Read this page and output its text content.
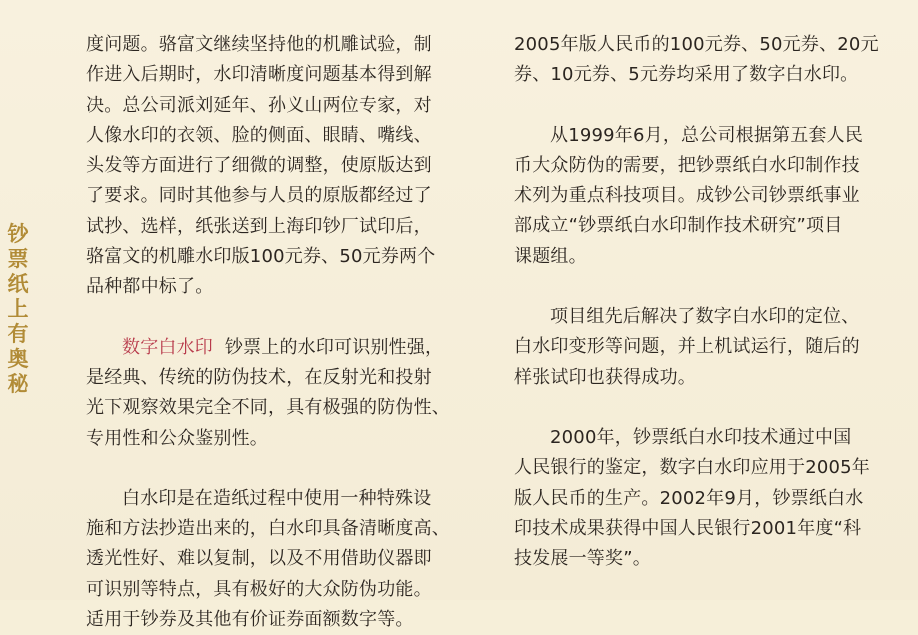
钞票纸上有奥秘
度问题。骆富文继续坚持他的机雕试验，制
作进入后期时，水印清晰度问题基本得到解
决。总公司派刘延年、孙义山两位专家，对
人像水印的衣领、脸的侧面、眼睛、嘴线、
头发等方面进行了细微的调整，使原版达到
了要求。同时其他参与人员的原版都经过了
试抄、选样，纸张送到上海印钞厂试印后，
骆富文的机雕水印版100元券、50元券两个
品种都中标了。
数字白水印 钞票上的水印可识别性强，
是经典、传统的防伪技术，在反射光和投射
光下观察效果完全不同，具有极强的防伪性、
专用性和公众鉴别性。
白水印是在造纸过程中使用一种特殊设
施和方法抄造出来的，白水印具备清晰度高、
透光性好、难以复制，以及不用借助仪器即
可识别等特点，具有极好的大众防伪功能。
适用于钞券及其他有价证券面额数字等。
2005年版人民币的100元券、50元券、20元
券、10元券、5元券均采用了数字白水印。
从1999年6月，总公司根据第五套人民
币大众防伪的需要，把钞票纸白水印制作技
术列为重点科技项目。成钞公司钞票纸事业
部成立“钞票纸白水印制作技术研究”项目
课题组。
项目组先后解决了数字白水印的定位、
白水印变形等问题，并上机试运行，随后的
样张试印也获得成功。
2000年，钞票纸白水印技术通过中国
人民银行的鉴定，数字白水印应用于2005年
版人民币的生产。2002年9月，钞票纸白水
印技术成果获得中国人民银行2001年度“科
技发展一等奖”。
